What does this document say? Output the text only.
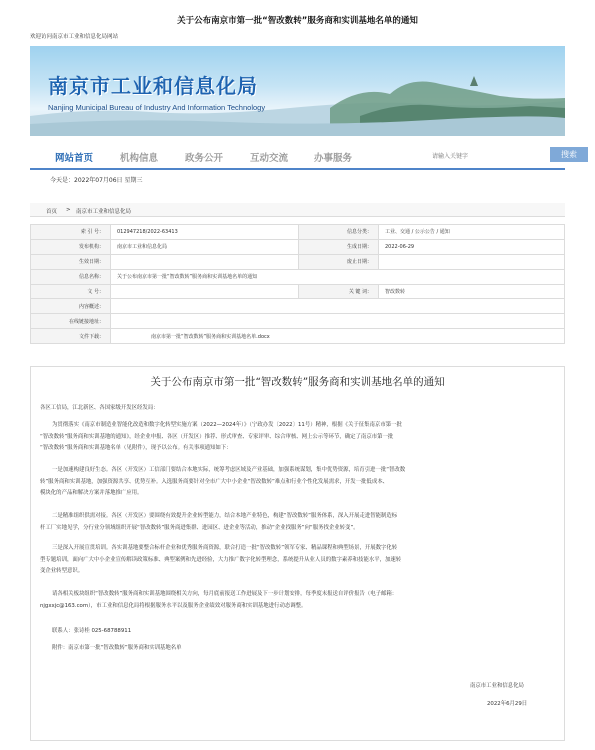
关于公布南京市第一批“智改数转”服务商和实训基地名单的通知
欢迎访问南京市工业和信息化局网站
南京市工业和信息化局
Nanjing Municipal Bureau of Industry And Information Technology
网站首页	机构信息	政务公开	互动交流	办事服务
请输入关键字	搜索
今天是：2022年07月06日 星期三
首页 > 南京市工业和信息化局
索 引 号：	012947218/2022-63413	信息分类：	工业、交通 / 公示公告 / 通知
发布机构：	南京市工业和信息化局	生成日期：	2022-06-29
生效日期：		废止日期：	
信息名称：	关于公布南京市第一批“智改数转”服务商和实训基地名单的通知		
文 号：		关 键 词：	智改数转
内容概述：			
在线链接地址：			
文件下载：	南京市第一批“智改数转”服务商和实训基地名单.docx		
关于公布南京市第一批“智改数转”服务商和实训基地名单的通知
各区工信局，江北新区、各国家级开发区经发局：
为贯彻落实《南京市制造业智能化改造和数字化转型实施方案（2022—2024年）》（宁政办发〔2022〕11号）精神，根据《关于征集南京市第一批
“智改数转”服务商和实训基地的通知》，经企业申报、各区（开发区）推荐、形式审查、专家评审、综合审核、网上公示等环节，确定了南京市第一批
“智改数转”服务商和实训基地名单（见附件），现予以公布。有关事项通知如下：
一是加速构建良好生态。各区（开发区）工信部门要结合本地实际，统筹考虑区域及产业基础，加强系统谋划，集中优势资源，培育引进一批“智改数
转”服务商和实训基地，加强资源共享、优势互补。入选服务商要针对全市广大中小企业“智改数转”难点和行业个性化发展需求，开发一批低成本、
模块化的产品和解决方案并落地推广应用。
二是精准组织供需对接。各区（开发区）要围绕有效提升企业转型能力，结合本地产业特色，构建“智改数转”服务体系，深入开展走进智能制造标
杆工厂实地见学，分行业分领域组织开展“智改数转”服务商进集群、进园区、进企业等活动，推动“企业找服务”向“服务找企业转变”。
三是深入开展宣贯培训。各实训基地要整合标杆企业和优秀服务商资源，联合打造一批“智改数转”领军专家、精品课程和典型场景，开展数字化转
型专题培训，面向广大中小企业宣传解读政策标准、典型案例和先进经验，大力推广数字化转型理念，系统提升从业人员的数字素养和技能水平，加速转
变企业转型意识。
请各相关板块组织“智改数转”服务商和实训基地围绕相关方向，每月底前报送工作进展及下一步计划安排，每季度末报送自评价报告（电子邮箱：
njgxxjc@163.com），市工业和信息化局将根据服务水平以及服务企业绩效对服务商和实训基地进行动态调整。
联系人：张诗桂 025-68788911
附件：南京市第一批“智改数转”服务商和实训基地名单
南京市工业和信息化局
2022年6月29日
